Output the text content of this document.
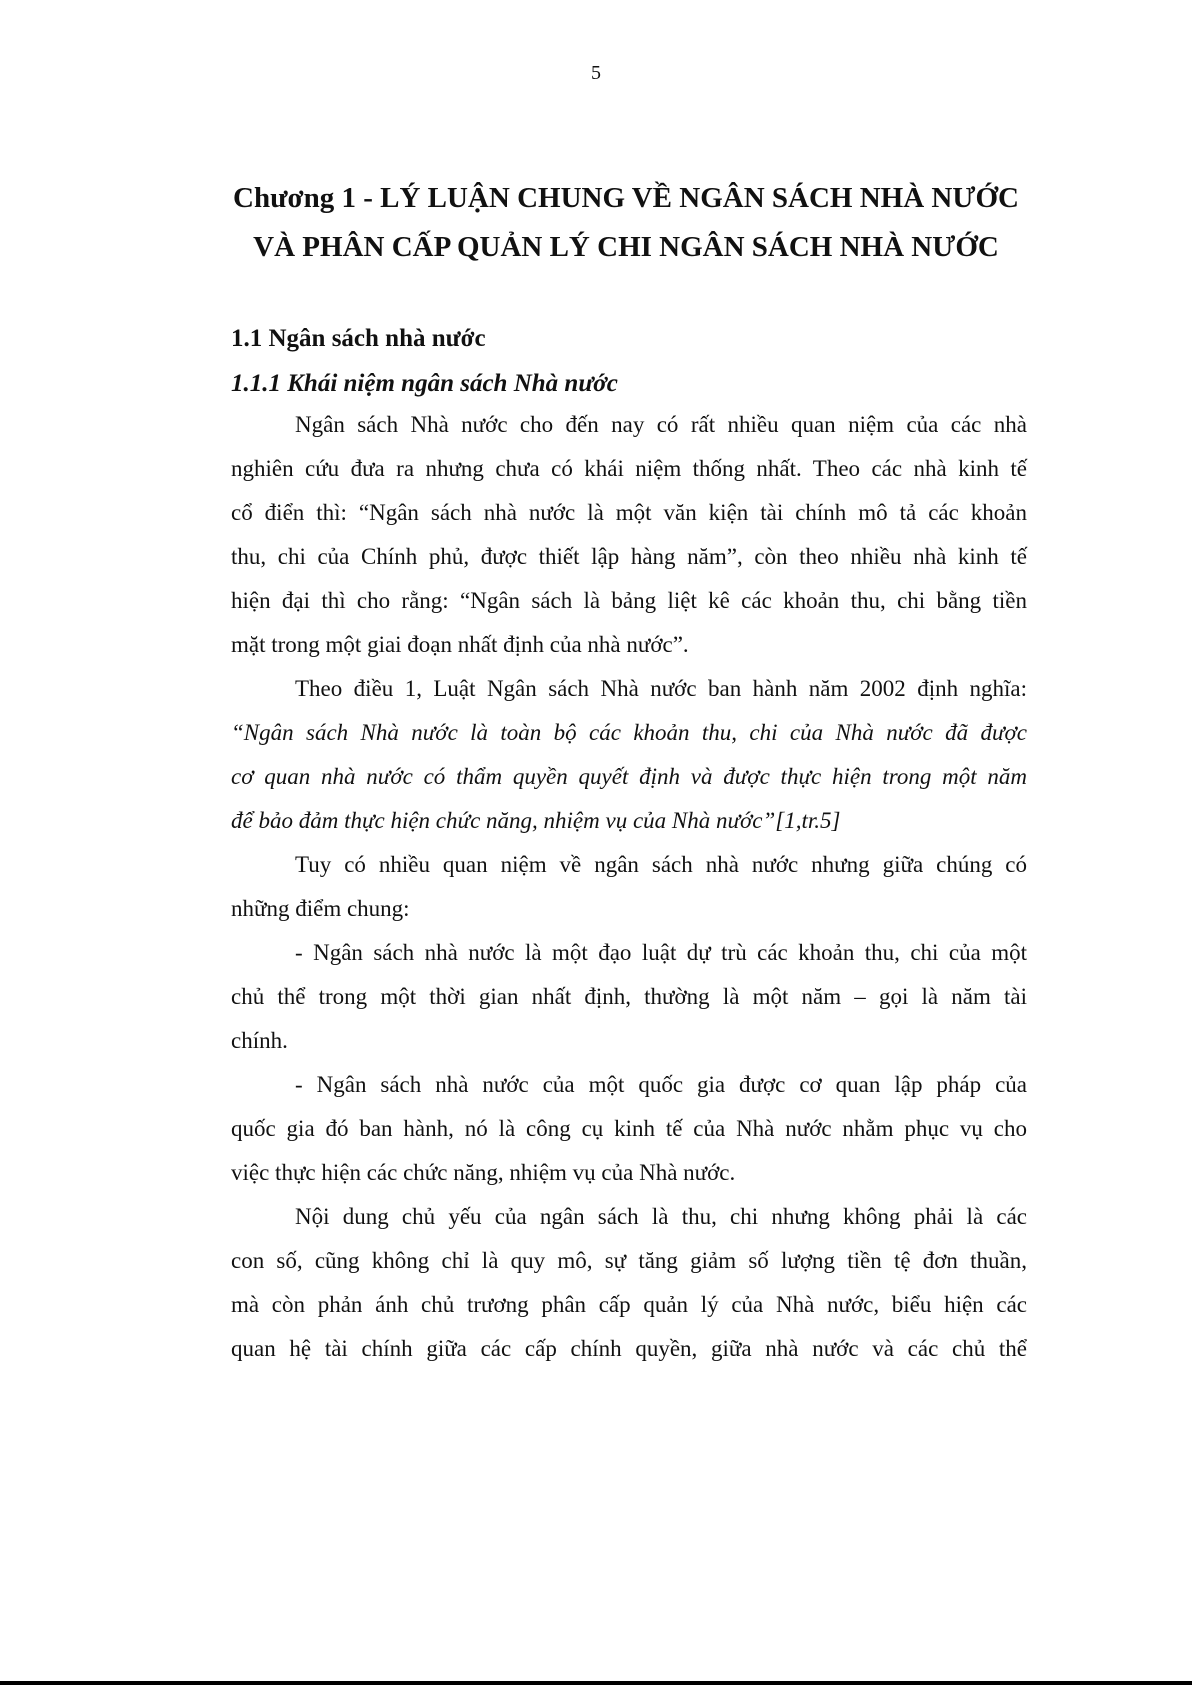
5
Chương 1 - LÝ LUẬN CHUNG VỀ NGÂN SÁCH NHÀ NƯỚC
VÀ PHÂN CẤP QUẢN LÝ CHI NGÂN SÁCH NHÀ NƯỚC
1.1 Ngân sách nhà nước
1.1.1 Khái niệm ngân sách Nhà nước

Ngân sách Nhà nước cho đến nay có rất nhiều quan niệm của các nhà
nghiên cứu đưa ra nhưng chưa có khái niệm thống nhất. Theo các nhà kinh tế
cổ điển thì: “Ngân sách nhà nước là một văn kiện tài chính mô tả các khoản
thu, chi của Chính phủ, được thiết lập hàng năm”, còn theo nhiều nhà kinh tế
hiện đại thì cho rằng: “Ngân sách là bảng liệt kê các khoản thu, chi bằng tiền
mặt trong một giai đoạn nhất định của nhà nước”.

Theo điều 1, Luật Ngân sách Nhà nước ban hành năm 2002 định nghĩa:
“Ngân sách Nhà nước là toàn bộ các khoản thu, chi của Nhà nước đã được
cơ quan nhà nước có thẩm quyền quyết định và được thực hiện trong một năm
để bảo đảm thực hiện chức năng, nhiệm vụ của Nhà nước”[1,tr.5]

Tuy có nhiều quan niệm về ngân sách nhà nước nhưng giữa chúng có
những điểm chung:

- Ngân sách nhà nước là một đạo luật dự trù các khoản thu, chi của một
chủ thể trong một thời gian nhất định, thường là một năm – gọi là năm tài
chính.

- Ngân sách nhà nước của một quốc gia được cơ quan lập pháp của
quốc gia đó ban hành, nó là công cụ kinh tế của Nhà nước nhằm phục vụ cho
việc thực hiện các chức năng, nhiệm vụ của Nhà nước.

Nội dung chủ yếu của ngân sách là thu, chi nhưng không phải là các
con số, cũng không chỉ là quy mô, sự tăng giảm số lượng tiền tệ đơn thuần,
mà còn phản ánh chủ trương phân cấp quản lý của Nhà nước, biểu hiện các
quan hệ tài chính giữa các cấp chính quyền, giữa nhà nước và các chủ thể
